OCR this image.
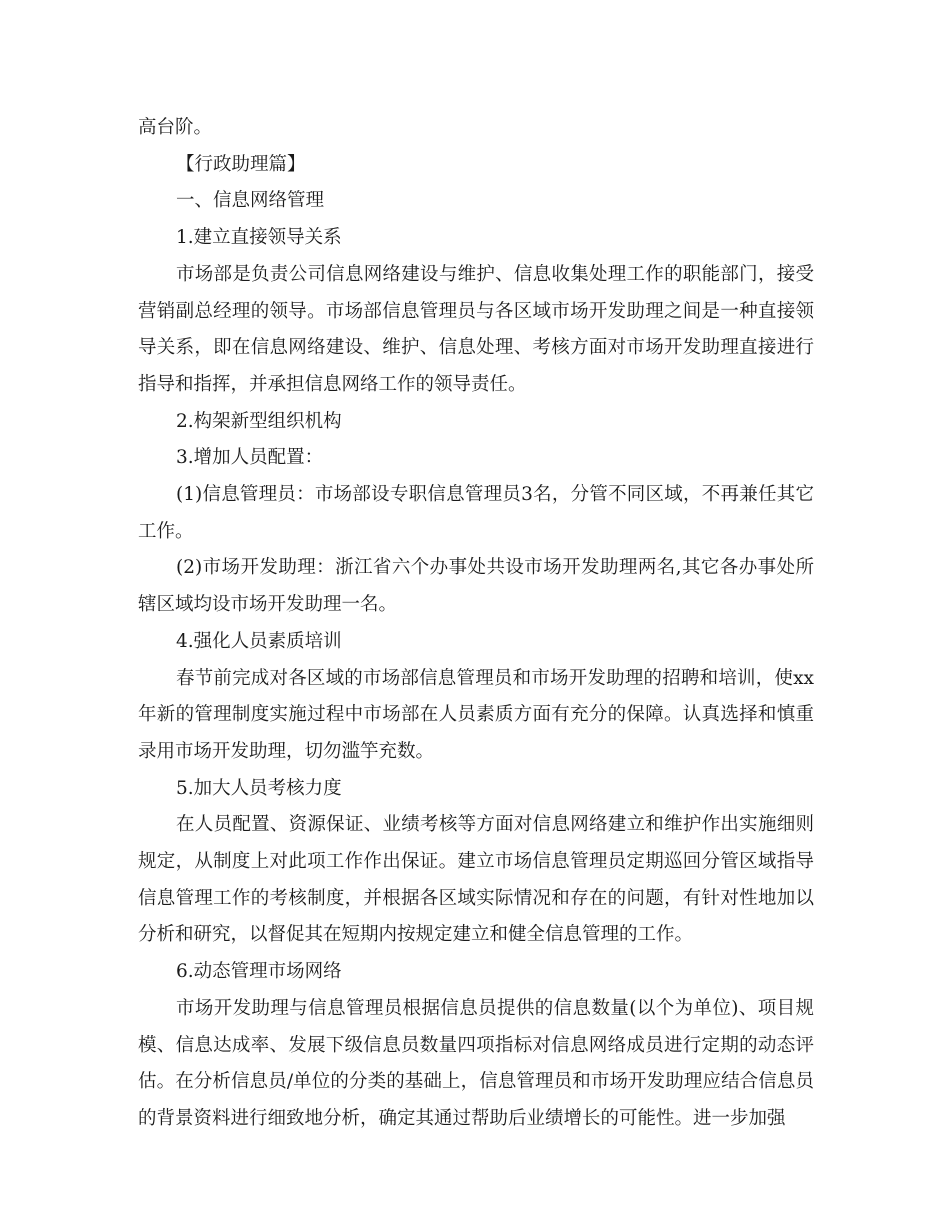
高台阶。

【行政助理篇】

一、信息网络管理

1.建立直接领导关系

市场部是负责公司信息网络建设与维护、信息收集处理工作的职能部门，接受营销副总经理的领导。市场部信息管理员与各区域市场开发助理之间是一种直接领导关系，即在信息网络建设、维护、信息处理、考核方面对市场开发助理直接进行指导和指挥，并承担信息网络工作的领导责任。

2.构架新型组织机构

3.增加人员配置：

(1)信息管理员：市场部设专职信息管理员3名，分管不同区域，不再兼任其它工作。

(2)市场开发助理：浙江省六个办事处共设市场开发助理两名,其它各办事处所辖区域均设市场开发助理一名。

4.强化人员素质培训

春节前完成对各区域的市场部信息管理员和市场开发助理的招聘和培训，使xx年新的管理制度实施过程中市场部在人员素质方面有充分的保障。认真选择和慎重录用市场开发助理，切勿滥竽充数。

5.加大人员考核力度

在人员配置、资源保证、业绩考核等方面对信息网络建立和维护作出实施细则规定，从制度上对此项工作作出保证。建立市场信息管理员定期巡回分管区域指导信息管理工作的考核制度，并根据各区域实际情况和存在的问题，有针对性地加以分析和研究，以督促其在短期内按规定建立和健全信息管理的工作。

6.动态管理市场网络

市场开发助理与信息管理员根据信息员提供的信息数量(以个为单位)、项目规模、信息达成率、发展下级信息员数量四项指标对信息网络成员进行定期的动态评估。在分析信息员/单位的分类的基础上，信息管理员和市场开发助理应结合信息员的背景资料进行细致地分析，确定其通过帮助后业绩增长的可能性。进一步加强
